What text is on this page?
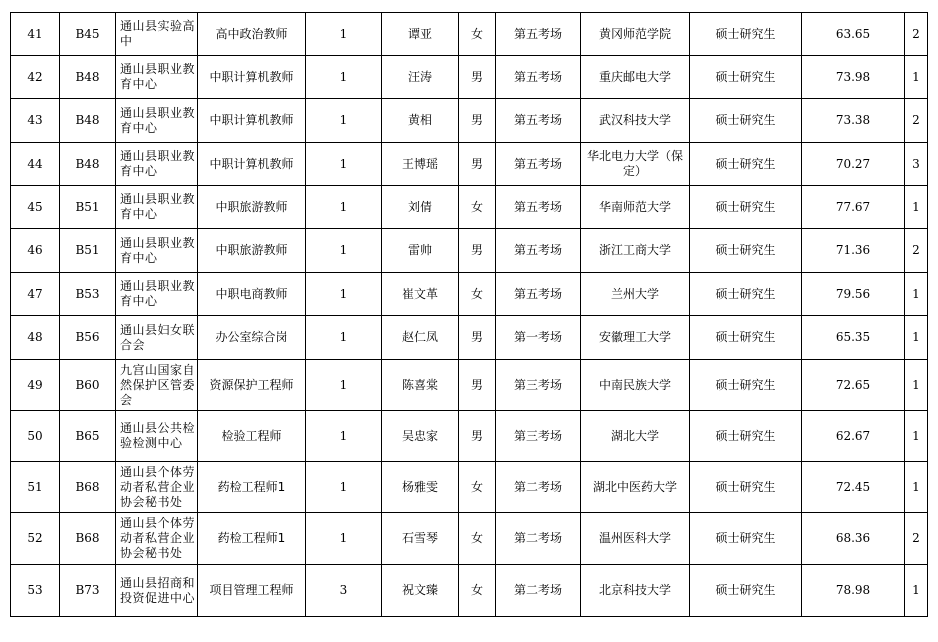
41	B45	通山县实验高中	高中政治教师	1	谭亚	女	第五考场	黄冈师范学院	硕士研究生	63.65	2
42	B48	通山县职业教育中心	中职计算机教师	1	汪涛	男	第五考场	重庆邮电大学	硕士研究生	73.98	1
43	B48	通山县职业教育中心	中职计算机教师	1	黄相	男	第五考场	武汉科技大学	硕士研究生	73.38	2
44	B48	通山县职业教育中心	中职计算机教师	1	王博瑶	男	第五考场	华北电力大学（保定）	硕士研究生	70.27	3
45	B51	通山县职业教育中心	中职旅游教师	1	刘倩	女	第五考场	华南师范大学	硕士研究生	77.67	1
46	B51	通山县职业教育中心	中职旅游教师	1	雷帅	男	第五考场	浙江工商大学	硕士研究生	71.36	2
47	B53	通山县职业教育中心	中职电商教师	1	崔文革	女	第五考场	兰州大学	硕士研究生	79.56	1
48	B56	通山县妇女联合会	办公室综合岗	1	赵仁凤	男	第一考场	安徽理工大学	硕士研究生	65.35	1
49	B60	九宫山国家自然保护区管委会	资源保护工程师	1	陈喜棠	男	第三考场	中南民族大学	硕士研究生	72.65	1
50	B65	通山县公共检验检测中心	检验工程师	1	吴忠家	男	第三考场	湖北大学	硕士研究生	62.67	1
51	B68	通山县个体劳动者私营企业协会秘书处	药检工程师1	1	杨雅雯	女	第二考场	湖北中医药大学	硕士研究生	72.45	1
52	B68	通山县个体劳动者私营企业协会秘书处	药检工程师1	1	石雪琴	女	第二考场	温州医科大学	硕士研究生	68.36	2
53	B73	通山县招商和投资促进中心	项目管理工程师	3	祝文臻	女	第二考场	北京科技大学	硕士研究生	78.98	1
